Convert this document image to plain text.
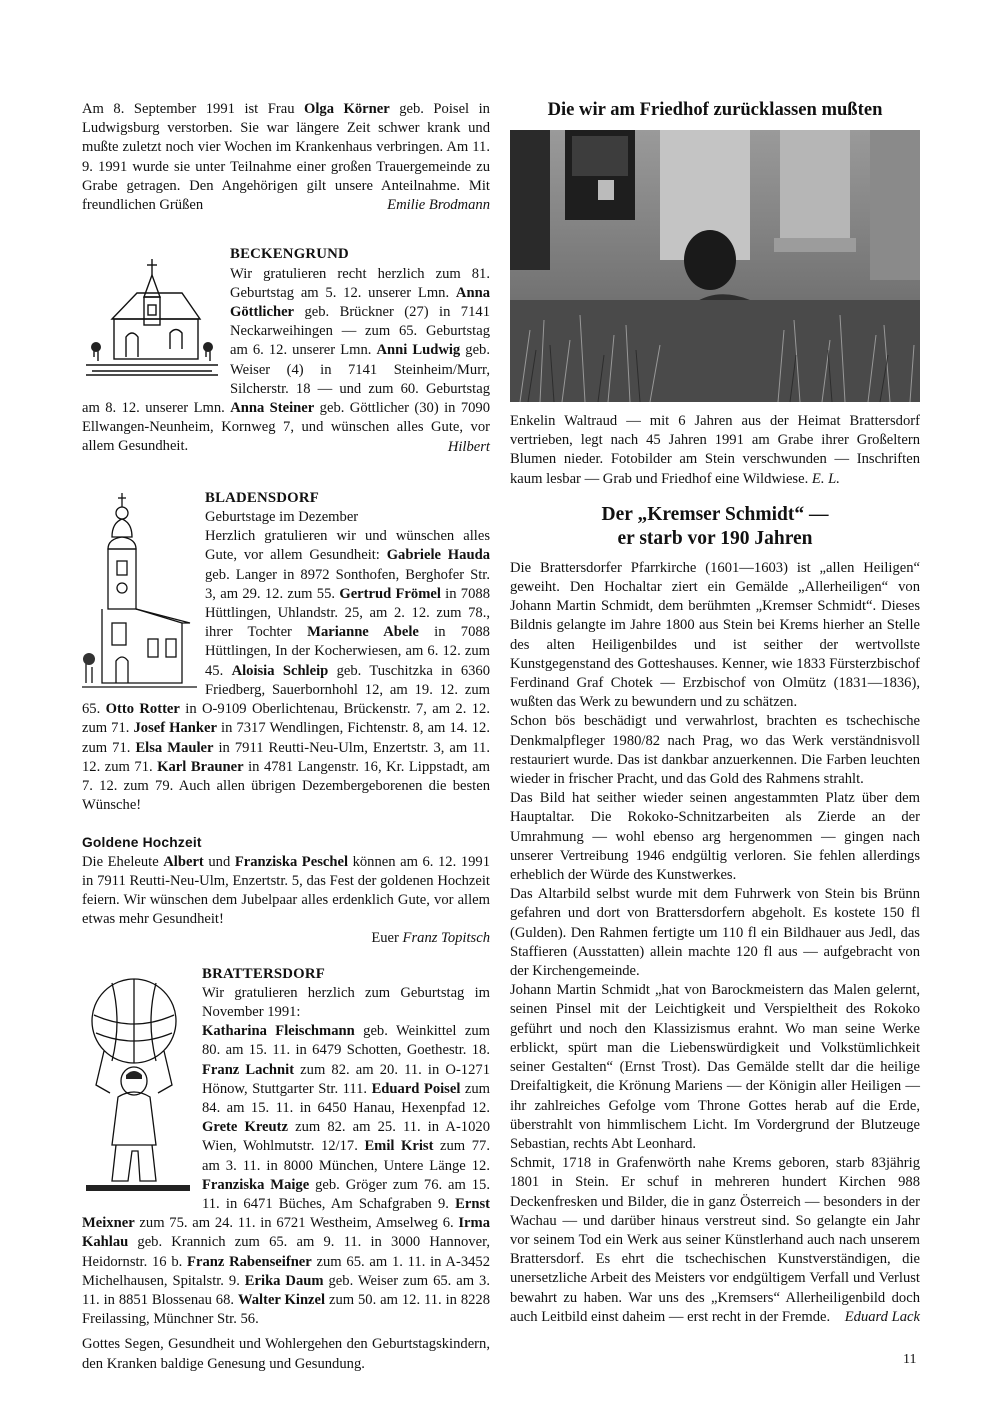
Am 8. September 1991 ist Frau Olga Körner geb. Poisel in Ludwigsburg verstorben. Sie war längere Zeit schwer krank und mußte zuletzt noch vier Wochen im Krankenhaus verbringen. Am 11. 9. 1991 wurde sie unter Teilnahme einer großen Trauergemeinde zu Grabe getragen. Den Angehörigen gilt unsere Anteilnahme. Mit freundlichen Grüßen	Emilie Brodmann

BECKENGRUND

Wir gratulieren recht herzlich zum 81. Geburtstag am 5. 12. unserer Lmn. Anna Göttlicher geb. Brückner (27) in 7141 Neckarweihingen — zum 65. Geburtstag am 6. 12. unserer Lmn. Anni Ludwig geb. Weiser (4) in 7141 Steinheim/Murr, Silcherstr. 18 — und zum 60. Geburtstag am 8. 12. unserer Lmn. Anna Steiner geb. Göttlicher (30) in 7090 Ellwangen-Neunheim, Kornweg 7, und wünschen alles Gute, vor allem Gesundheit.	Hilbert

BLADENSDORF

Geburtstage im Dezember

Herzlich gratulieren wir und wünschen alles Gute, vor allem Gesundheit: Gabriele Hauda geb. Langer in 8972 Sonthofen, Berghofer Str. 3, am 29. 12. zum 55. Gertrud Frömel in 7088 Hüttlingen, Uhlandstr. 25, am 2. 12. zum 78., ihrer Tochter Marianne Abele in 7088 Hüttlingen, In der Kocherwiesen, am 6. 12. zum 45. Aloisia Schleip geb. Tuschitzka in 6360 Friedberg, Sauerbornhohl 12, am 19. 12. zum 65. Otto Rotter in O-9109 Oberlichtenau, Brückenstr. 7, am 2. 12. zum 71. Josef Hanker in 7317 Wendlingen, Fichtenstr. 8, am 14. 12. zum 71. Elsa Mauler in 7911 Reutti-Neu-Ulm, Enzertstr. 3, am 11. 12. zum 71. Karl Brauner in 4781 Langenstr. 16, Kr. Lippstadt, am 7. 12. zum 79. Auch allen übrigen Dezembergeborenen die besten Wünsche!

Goldene Hochzeit

Die Eheleute Albert und Franziska Peschel können am 6. 12. 1991 in 7911 Reutti-Neu-Ulm, Enzertstr. 5, das Fest der goldenen Hochzeit feiern. Wir wünschen dem Jubelpaar alles erdenklich Gute, vor allem etwas mehr Gesundheit!

Euer Franz Topitsch

BRATTERSDORF

Wir gratulieren herzlich zum Geburtstag im November 1991:

Katharina Fleischmann geb. Weinkittel zum 80. am 15. 11. in 6479 Schotten, Goethestr. 18. Franz Lachnit zum 82. am 20. 11. in O-1271 Hönow, Stuttgarter Str. 111. Eduard Poisel zum 84. am 15. 11. in 6450 Hanau, Hexenpfad 12. Grete Kreutz zum 82. am 25. 11. in A-1020 Wien, Wohlmutstr. 12/17. Emil Krist zum 77. am 3. 11. in 8000 München, Untere Länge 12. Franziska Maige geb. Gröger zum 76. am 15. 11. in 6471 Büches, Am Schafgraben 9. Ernst Meixner zum 75. am 24. 11. in 6721 Westheim, Amselweg 6. Irma Kahlau geb. Krannich zum 65. am 9. 11. in 3000 Hannover, Heidornstr. 16 b. Franz Rabenseifner zum 65. am 1. 11. in A-3452 Michelhausen, Spitalstr. 9. Erika Daum geb. Weiser zum 65. am 3. 11. in 8851 Blossenau 68. Walter Kinzel zum 50. am 12. 11. in 8228 Freilassing, Münchner Str. 56.

Gottes Segen, Gesundheit und Wohlergehen den Geburtstagskindern, den Kranken baldige Genesung und Gesundung.

Die wir am Friedhof zurücklassen mußten

Enkelin Waltraud — mit 6 Jahren aus der Heimat Brattersdorf vertrieben, legt nach 45 Jahren 1991 am Grabe ihrer Großeltern Blumen nieder. Fotobilder am Stein verschwunden — Inschriften kaum lesbar — Grab und Friedhof eine Wildwiese. E. L.

Der „Kremser Schmidt“ —

er starb vor 190 Jahren

Die Brattersdorfer Pfarrkirche (1601—1603) ist „allen Heiligen“ geweiht. Den Hochaltar ziert ein Gemälde „Allerheiligen“ von Johann Martin Schmidt, dem berühmten „Kremser Schmidt“. Dieses Bildnis gelangte im Jahre 1800 aus Stein bei Krems hierher an Stelle des alten Heiligenbildes und ist seither der wertvollste Kunstgegenstand des Gotteshauses. Kenner, wie 1833 Fürsterzbischof Ferdinand Graf Chotek — Erzbischof von Olmütz (1831—1836), wußten das Werk zu bewundern und zu schätzen.

Schon bös beschädigt und verwahrlost, brachten es tschechische Denkmalpfleger 1980/82 nach Prag, wo das Werk verständnisvoll restauriert wurde. Das ist dankbar anzuerkennen. Die Farben leuchten wieder in frischer Pracht, und das Gold des Rahmens strahlt.

Das Bild hat seither wieder seinen angestammten Platz über dem Hauptaltar. Die Rokoko-Schnitzarbeiten als Zierde an der Umrahmung — wohl ebenso arg hergenommen — gingen nach unserer Vertreibung 1946 endgültig verloren. Sie fehlen allerdings erheblich der Würde des Kunstwerkes.

Das Altarbild selbst wurde mit dem Fuhrwerk von Stein bis Brünn gefahren und dort von Brattersdorfern abgeholt. Es kostete 150 fl (Gulden). Den Rahmen fertigte um 110 fl ein Bildhauer aus Jedl, das Staffieren (Ausstatten) allein machte 120 fl aus — aufgebracht von der Kirchengemeinde.

Johann Martin Schmidt „hat von Barockmeistern das Malen gelernt, seinen Pinsel mit der Leichtigkeit und Verspieltheit des Rokoko geführt und noch den Klassizismus erahnt. Wo man seine Werke erblickt, spürt man die Liebenswürdigkeit und Volkstümlichkeit seiner Gestalten“ (Ernst Trost). Das Gemälde stellt dar die heilige Dreifaltigkeit, die Krönung Mariens — der Königin aller Heiligen — ihr zahlreiches Gefolge vom Throne Gottes herab auf die Erde, überstrahlt von himmlischem Licht. Im Vordergrund der Blutzeuge Sebastian, rechts Abt Leonhard.

Schmit, 1718 in Grafenwörth nahe Krems geboren, starb 83jährig 1801 in Stein. Er schuf in mehreren hundert Kirchen 988 Deckenfresken und Bilder, die in ganz Österreich — besonders in der Wachau — und darüber hinaus verstreut sind. So gelangte ein Jahr vor seinem Tod ein Werk aus seiner Künstlerhand auch nach unserem Brattersdorf. Es ehrt die tschechischen Kunstverständigen, die unersetzliche Arbeit des Meisters vor endgültigem Verfall und Verlust bewahrt zu haben. War uns des „Kremsers“ Allerheiligenbild doch auch Leitbild einst daheim — erst recht in der Fremde. Eduard Lack

11
